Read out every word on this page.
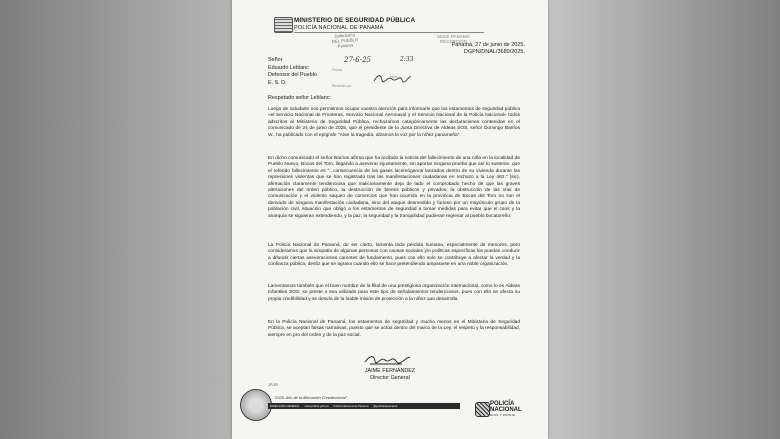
MINISTERIO DE SEGURIDAD PÚBLICA
POLICÍA NACIONAL DE PANAMÁ
Defensoría
DEL PUEBLO
Panamá
SEDE PANAMÁ
RECEPCIÓN
Panamá, 27 de junio de 2025.
DGPN/DNAL/3680/2025.
Señor
Eduardo Leblanc
Defensor del Pueblo
E. S. D.
Fecha
27-6-25
Hora
2:33
Recibido por
Respetado señor Leblanc:
Luego de saludarle nos permitimos ocupar vuestra atención para informarle que los estamentos de seguridad pública «el Servicio Nacional de Fronteras, Servicio Nacional Aeronaval y el Servicio Nacional de la Policía Nacional» todos adscritos al Ministerio de Seguridad Pública, rechazamos categóricamente las declaraciones contenidas en el comunicado de 24 de junio de 2025, que el presidente de la Junta Directiva de Aldeas SOS, señor Domingo Barrios W., ha publicado con el epígrafe "Ante la tragedia, alzamos la voz por la niñez panameña".
En dicho comunicado el señor Barrios afirma que ha recibido la noticia del fallecimiento de una niña en la localidad de Pueblo Nuevo, Bocas del Toro, llegando a aseverar injustamente, sin aportar ninguna prueba que así lo sustente, que el referido fallecimiento es "...consecuencia de los gases lacrimógenos lanzados dentro de su vivienda durante las represiones violentas que se han registrado tras las manifestaciones ciudadanas en rechazo a la Ley 462." (sic), afirmación claramente tendenciosa que maliciosamente deja de lado el comprobado hecho de que las graves alteraciones del orden público, la destrucción de bienes públicos y privados, la obstrucción de las vías de comunicación y el violento saqueo de comercios que han ocurrido en la provincia de Bocas del Toro no son el derivado de ninguna manifestación ciudadana, sino del ataque desmedido y furioso por un mayúsculo grupo de la población civil, situación que obligó a los estamentos de seguridad a tomar medidas para evitar que el caos y la anarquía se siguieran extendiendo, y la paz, la seguridad y la tranquilidad pudieran regresar al pueblo bocatoreño.
La Policía Nacional de Panamá, de ser cierto, lamenta toda pérdida humana, especialmente de menores, pero consideramos que la simpatía de algunas personas con causas sociales y/o políticas específicas los puedan conducir a difundir ciertas aseveraciones carentes de fundamento, pues con ello solo se contribuye a afectar la verdad y la confianza pública, deslíz que se agrava cuando ello se hace pretendiendo ampararse en una noble organización.
Lamentamos también que el buen nombre de la filial de una prestigiosa organización internacional, como lo es Aldeas Infantiles SOS, se preste o sea utilizado para este tipo de señalamientos tendenciosos, pues con ello se afecta su propia credibilidad y se desvía de la loable misión de protección a la niñez que desarrolla.
En la Policía Nacional de Panamá, los estamentos de seguridad y mucho menos en el Ministerio de Seguridad Pública, se aceptan falsas narrativas, puesto que se actúa dentro del marco de la Ley, el respeto y la responsabilidad, siempre en pro del orden y de la paz social.
JAIME FERNÁNDEZ
Director General
JF/JR
"2025: Año de la Afirmación Constitucional"
DIRECCIÓN GENERAL www.policia.gob.pa Policía Nacional de Panamá @policiadepanama	POLICÍA
NACIONAL
DIOS Y PATRIA
